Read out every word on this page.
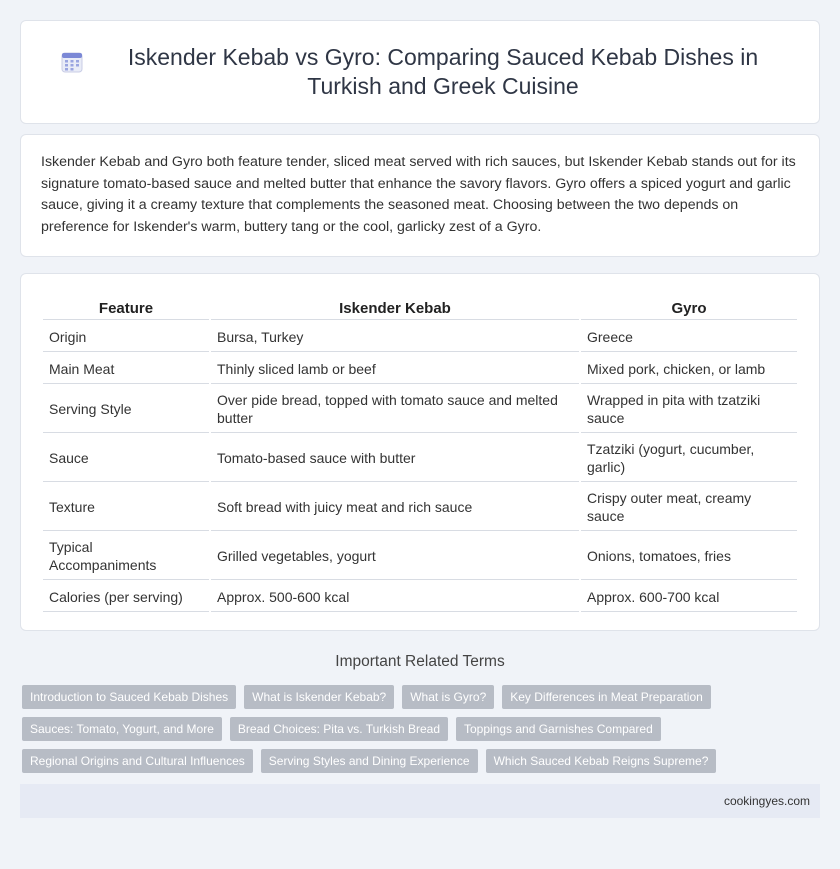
Iskender Kebab vs Gyro: Comparing Sauced Kebab Dishes in Turkish and Greek Cuisine

Iskender Kebab and Gyro both feature tender, sliced meat served with rich sauces, but Iskender Kebab stands out for its signature tomato-based sauce and melted butter that enhance the savory flavors. Gyro offers a spiced yogurt and garlic sauce, giving it a creamy texture that complements the seasoned meat. Choosing between the two depends on preference for Iskender's warm, buttery tang or the cool, garlicky zest of a Gyro.

Feature	Iskender Kebab	Gyro
Origin	Bursa, Turkey	Greece
Main Meat	Thinly sliced lamb or beef	Mixed pork, chicken, or lamb
Serving Style	Over pide bread, topped with tomato sauce and melted butter	Wrapped in pita with tzatziki sauce
Sauce	Tomato-based sauce with butter	Tzatziki (yogurt, cucumber, garlic)
Texture	Soft bread with juicy meat and rich sauce	Crispy outer meat, creamy sauce
Typical Accompaniments	Grilled vegetables, yogurt	Onions, tomatoes, fries
Calories (per serving)	Approx. 500-600 kcal	Approx. 600-700 kcal
Important Related Terms
Introduction to Sauced Kebab Dishes	What is Iskender Kebab?	What is Gyro?	Key Differences in Meat Preparation
Sauces: Tomato, Yogurt, and More	Bread Choices: Pita vs. Turkish Bread	Toppings and Garnishes Compared
Regional Origins and Cultural Influences	Serving Styles and Dining Experience	Which Sauced Kebab Reigns Supreme?
cookingyes.com
